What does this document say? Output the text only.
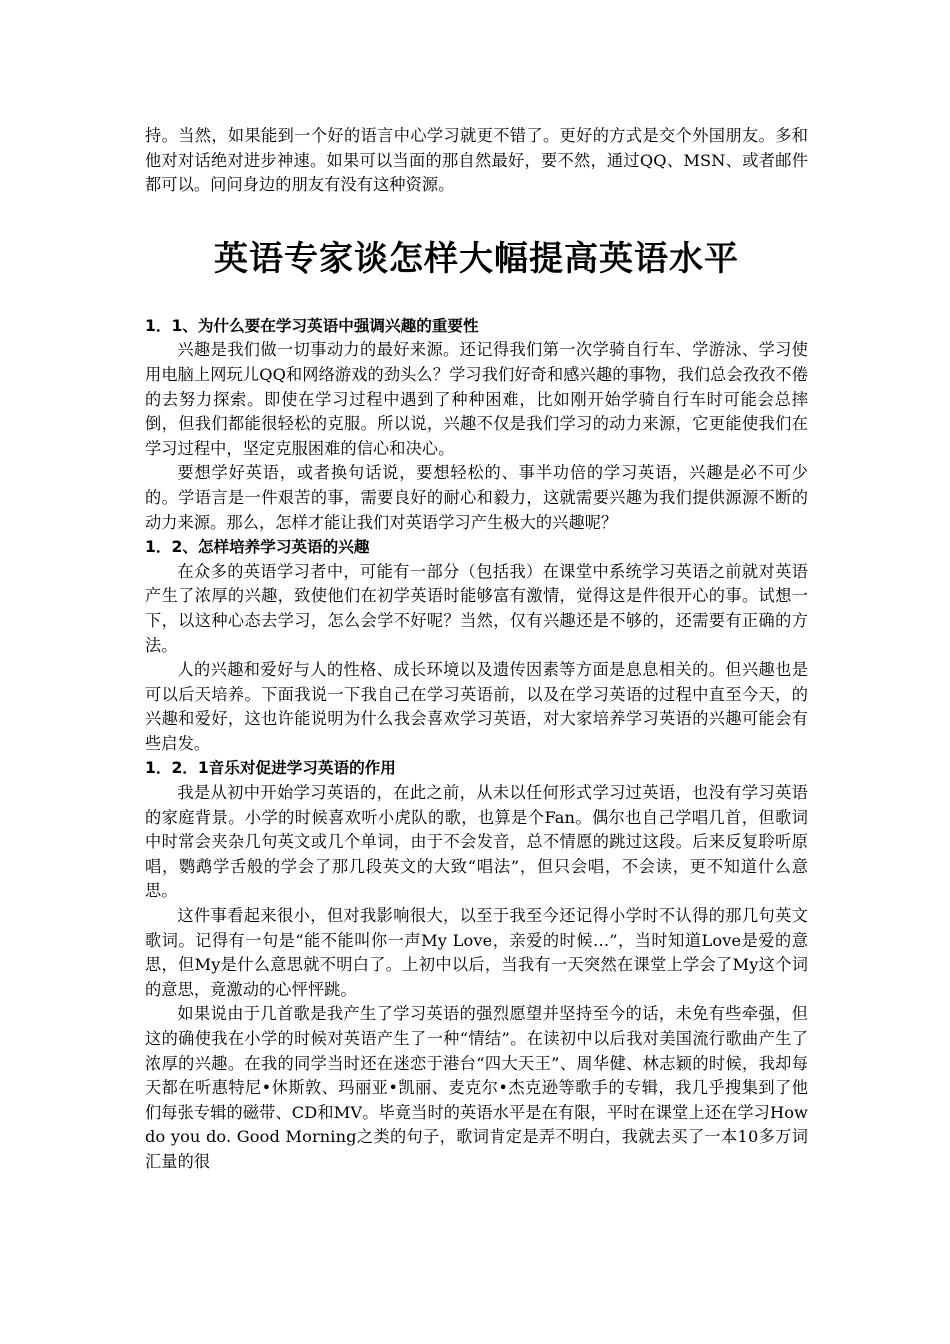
持。当然，如果能到一个好的语言中心学习就更不错了。更好的方式是交个外国朋友。多和他对对话绝对进步神速。如果可以当面的那自然最好，要不然，通过QQ、MSN、或者邮件都可以。问问身边的朋友有没有这种资源。

英语专家谈怎样大幅提高英语水平
1．1、为什么要在学习英语中强调兴趣的重要性

兴趣是我们做一切事动力的最好来源。还记得我们第一次学骑自行车、学游泳、学习使用电脑上网玩儿QQ和网络游戏的劲头么？学习我们好奇和感兴趣的事物，我们总会孜孜不倦的去努力探索。即使在学习过程中遇到了种种困难，比如刚开始学骑自行车时可能会总摔倒，但我们都能很轻松的克服。所以说，兴趣不仅是我们学习的动力来源，它更能使我们在学习过程中，坚定克服困难的信心和决心。

要想学好英语，或者换句话说，要想轻松的、事半功倍的学习英语，兴趣是必不可少的。学语言是一件艰苦的事，需要良好的耐心和毅力，这就需要兴趣为我们提供源源不断的动力来源。那么，怎样才能让我们对英语学习产生极大的兴趣呢？

1．2、怎样培养学习英语的兴趣

在众多的英语学习者中，可能有一部分（包括我）在课堂中系统学习英语之前就对英语产生了浓厚的兴趣，致使他们在初学英语时能够富有激情，觉得这是件很开心的事。试想一下，以这种心态去学习，怎么会学不好呢？当然，仅有兴趣还是不够的，还需要有正确的方法。

人的兴趣和爱好与人的性格、成长环境以及遗传因素等方面是息息相关的。但兴趣也是可以后天培养。下面我说一下我自己在学习英语前，以及在学习英语的过程中直至今天，的兴趣和爱好，这也许能说明为什么我会喜欢学习英语，对大家培养学习英语的兴趣可能会有些启发。

1．2．1音乐对促进学习英语的作用

我是从初中开始学习英语的，在此之前，从未以任何形式学习过英语，也没有学习英语的家庭背景。小学的时候喜欢听小虎队的歌，也算是个Fan。偶尔也自己学唱几首，但歌词中时常会夹杂几句英文或几个单词，由于不会发音，总不情愿的跳过这段。后来反复聆听原唱，鹦鹉学舌般的学会了那几段英文的大致“唱法”，但只会唱，不会读，更不知道什么意思。

这件事看起来很小，但对我影响很大，以至于我至今还记得小学时不认得的那几句英文歌词。记得有一句是“能不能叫你一声My Love，亲爱的时候…”，当时知道Love是爱的意思，但My是什么意思就不明白了。上初中以后，当我有一天突然在课堂上学会了My这个词的意思，竟激动的心怦怦跳。

如果说由于几首歌是我产生了学习英语的强烈愿望并坚持至今的话，未免有些牵强，但这的确使我在小学的时候对英语产生了一种“情结”。在读初中以后我对美国流行歌曲产生了浓厚的兴趣。在我的同学当时还在迷恋于港台“四大天王”、周华健、林志颖的时候，我却每天都在听惠特尼•休斯敦、玛丽亚•凯丽、麦克尔•杰克逊等歌手的专辑，我几乎搜集到了他们每张专辑的磁带、CD和MV。毕竟当时的英语水平是在有限，平时在课堂上还在学习How do you do. Good Morning之类的句子，歌词肯定是弄不明白，我就去买了一本10多万词汇量的很
